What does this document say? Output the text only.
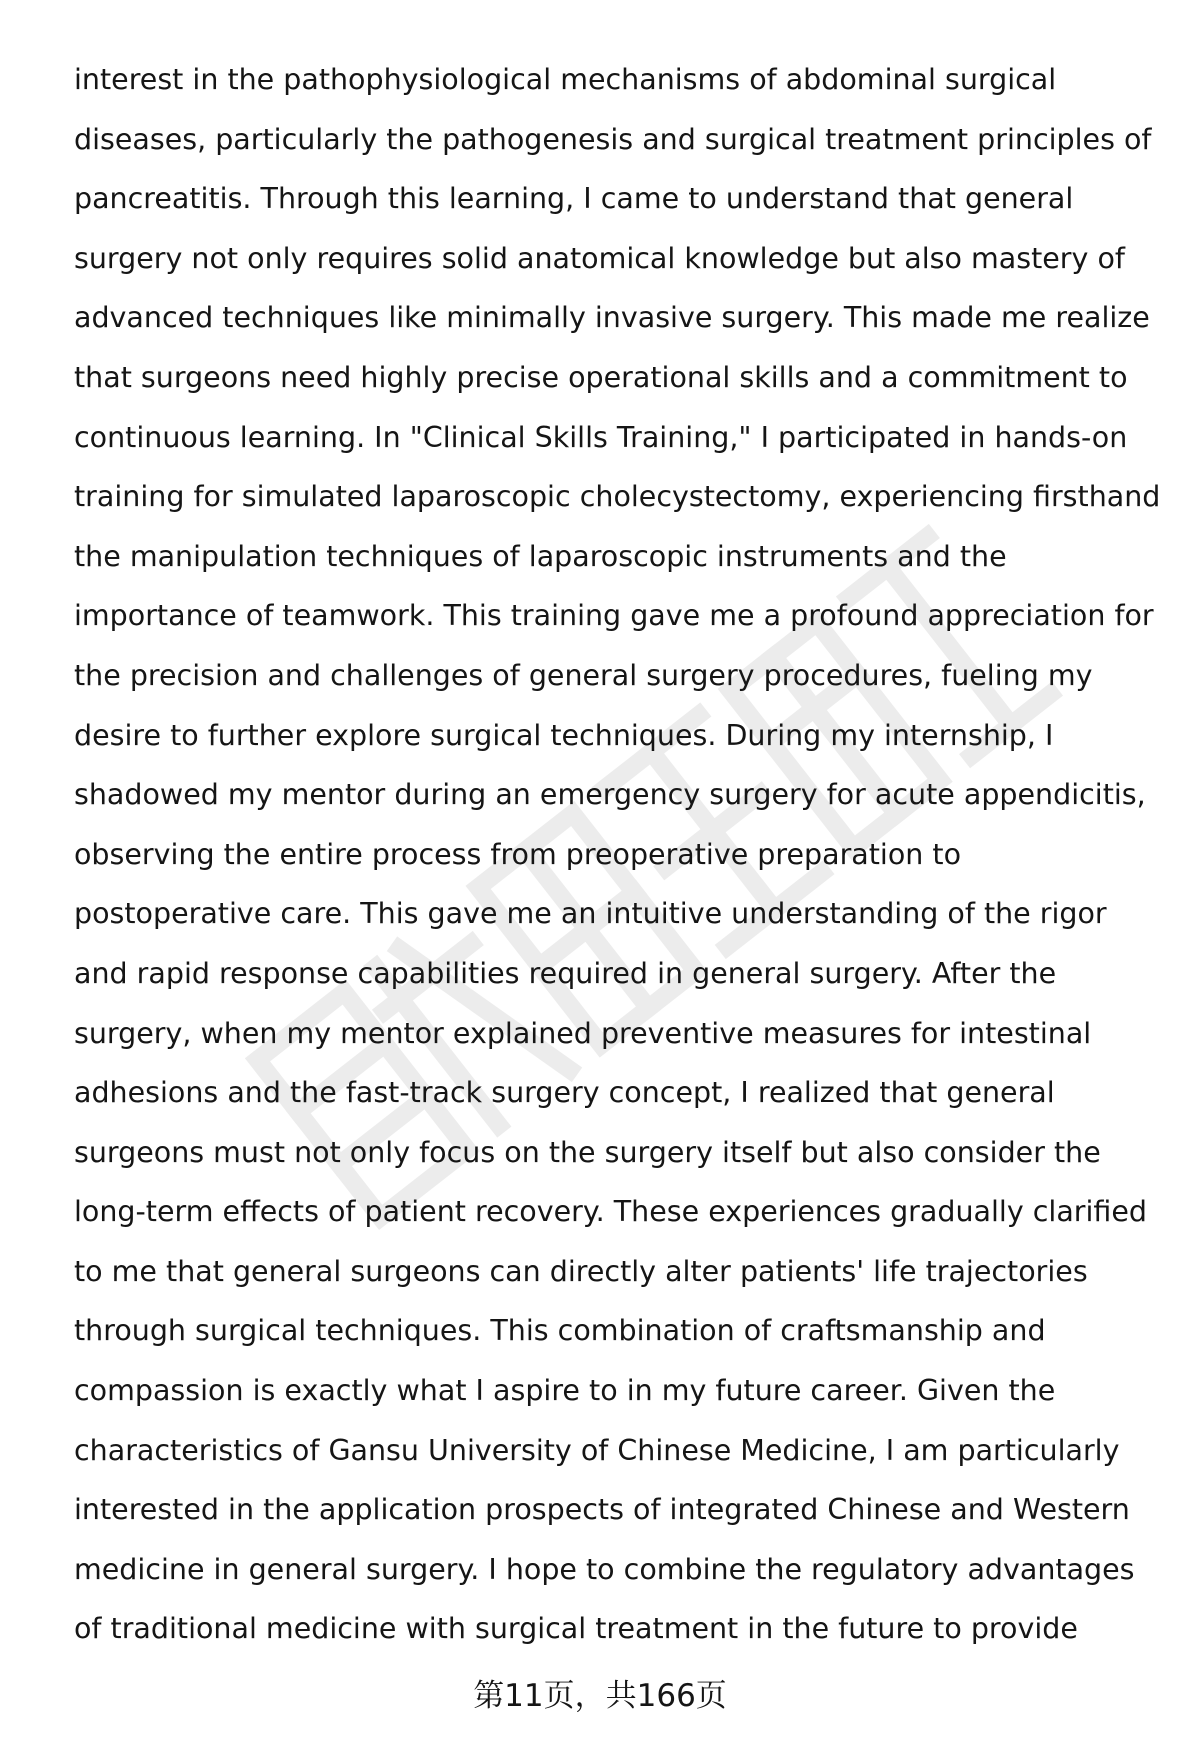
interest in the pathophysiological mechanisms of abdominal surgical
diseases, particularly the pathogenesis and surgical treatment principles of
pancreatitis. Through this learning, I came to understand that general
surgery not only requires solid anatomical knowledge but also mastery of
advanced techniques like minimally invasive surgery. This made me realize
that surgeons need highly precise operational skills and a commitment to
continuous learning. In "Clinical Skills Training," I participated in hands-on
training for simulated laparoscopic cholecystectomy, experiencing firsthand
the manipulation techniques of laparoscopic instruments and the
importance of teamwork. This training gave me a profound appreciation for
the precision and challenges of general surgery procedures, fueling my
desire to further explore surgical techniques. During my internship, I
shadowed my mentor during an emergency surgery for acute appendicitis,
observing the entire process from preoperative preparation to
postoperative care. This gave me an intuitive understanding of the rigor
and rapid response capabilities required in general surgery. After the
surgery, when my mentor explained preventive measures for intestinal
adhesions and the fast-track surgery concept, I realized that general
surgeons must not only focus on the surgery itself but also consider the
long-term effects of patient recovery. These experiences gradually clarified
to me that general surgeons can directly alter patients' life trajectories
through surgical techniques. This combination of craftsmanship and
compassion is exactly what I aspire to in my future career. Given the
characteristics of Gansu University of Chinese Medicine, I am particularly
interested in the application prospects of integrated Chinese and Western
medicine in general surgery. I hope to combine the regulatory advantages
of traditional medicine with surgical treatment in the future to provide
第11页，共166页
